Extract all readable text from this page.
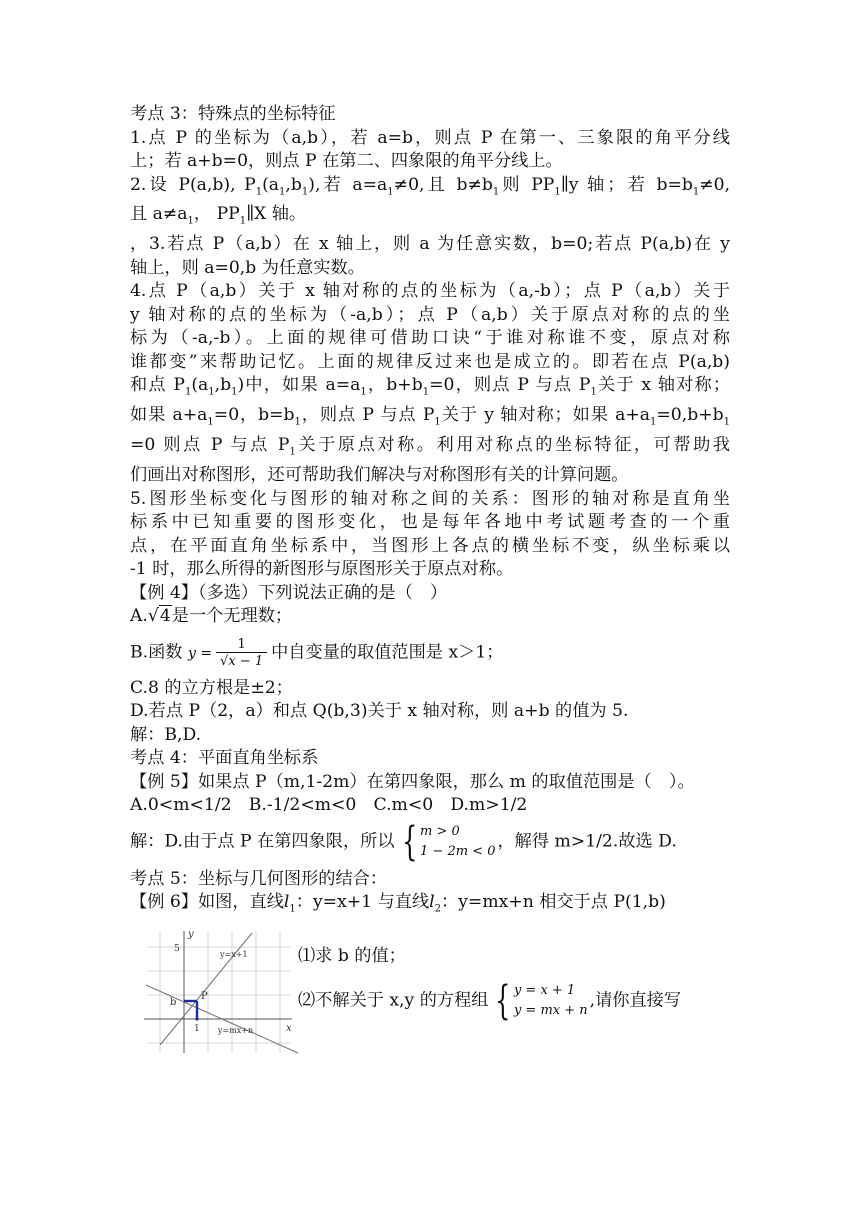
考点 3：特殊点的坐标特征

1.点 P 的坐标为（a,b），若 a=b，则点 P 在第一、三象限的角平分线

上；若 a+b=0，则点 P 在第二、四象限的角平分线上。

2.设 P(a,b), $P_1(a_1,b_1)$,若 $a=a_1\ne 0$,且 $b\ne b_1$则 $PP_1\parallel y$ 轴；若 $b=b_1\ne 0$,

且 $a\ne a_1$， $PP_1\parallel X$ 轴。

，3.若点 P（a,b）在 x 轴上，则 a 为任意实数，b=0;若点 P(a,b)在 y

轴上，则 a=0,b 为任意实数。

4.点 P（a,b）关于 x 轴对称的点的坐标为（a,-b）；点 P（a,b）关于

y 轴对称的点的坐标为（-a,b）；点 P（a,b）关于原点对称的点的坐

标为（-a,-b）。上面的规律可借助口诀“于谁对称谁不变，原点对称

谁都变”来帮助记忆。上面的规律反过来也是成立的。即若在点 P(a,b)

和点 $P_1(a_1,b_1)$中，如果 $a=a_1$，$b+b_1=0$，则点 P 与点 $P_1$关于 x 轴对称；

如果 $a+a_1=0$，$b=b_1$，则点 P 与点 $P_1$关于 y 轴对称；如果 $a+a_1=0,b+b_1$

=0 则点 P 与点 $P_1$关于原点对称。利用对称点的坐标特征，可帮助我

们画出对称图形，还可帮助我们解决与对称图形有关的计算问题。

5.图形坐标变化与图形的轴对称之间的关系：图形的轴对称是直角坐

标系中已知重要的图形变化，也是每年各地中考试题考查的一个重

点，在平面直角坐标系中，当图形上各点的横坐标不变，纵坐标乘以

-1 时，那么所得的新图形与原图形关于原点对称。

【例 4】（多选）下列说法正确的是（　）

A.√4是一个无理数；

B.函数 $y = \frac{1}{√x - 1}$ 中自变量的取值范围是 x＞1；

C.8 的立方根是±2；

D.若点 P（2，a）和点 Q(b,3)关于 x 轴对称，则 a+b 的值为 5.

解：B,D.

考点 4：平面直角坐标系

【例 5】如果点 P（m,1-2m）在第四象限，那么 m 的取值范围是（　）。

A.0<m<1/2　B.-1/2<m<0　C.m<0　D.m>1/2

解：D.由于点 P 在第四象限，所以 { m > 0
1 − 2m < 0 ，解得 m>1/2.故选 D.

考点 5：坐标与几何图形的结合：

【例 6】如图，直线$l_1$：y=x+1 与直线$l_2$：y=mx+n 相交于点 P(1,b)

y
x
5
1
b
P
y=x+1
y=mx+n

⑴求 b 的值；

⑵不解关于 x,y 的方程组 { y = x + 1
y = mx + n ,请你直接写
